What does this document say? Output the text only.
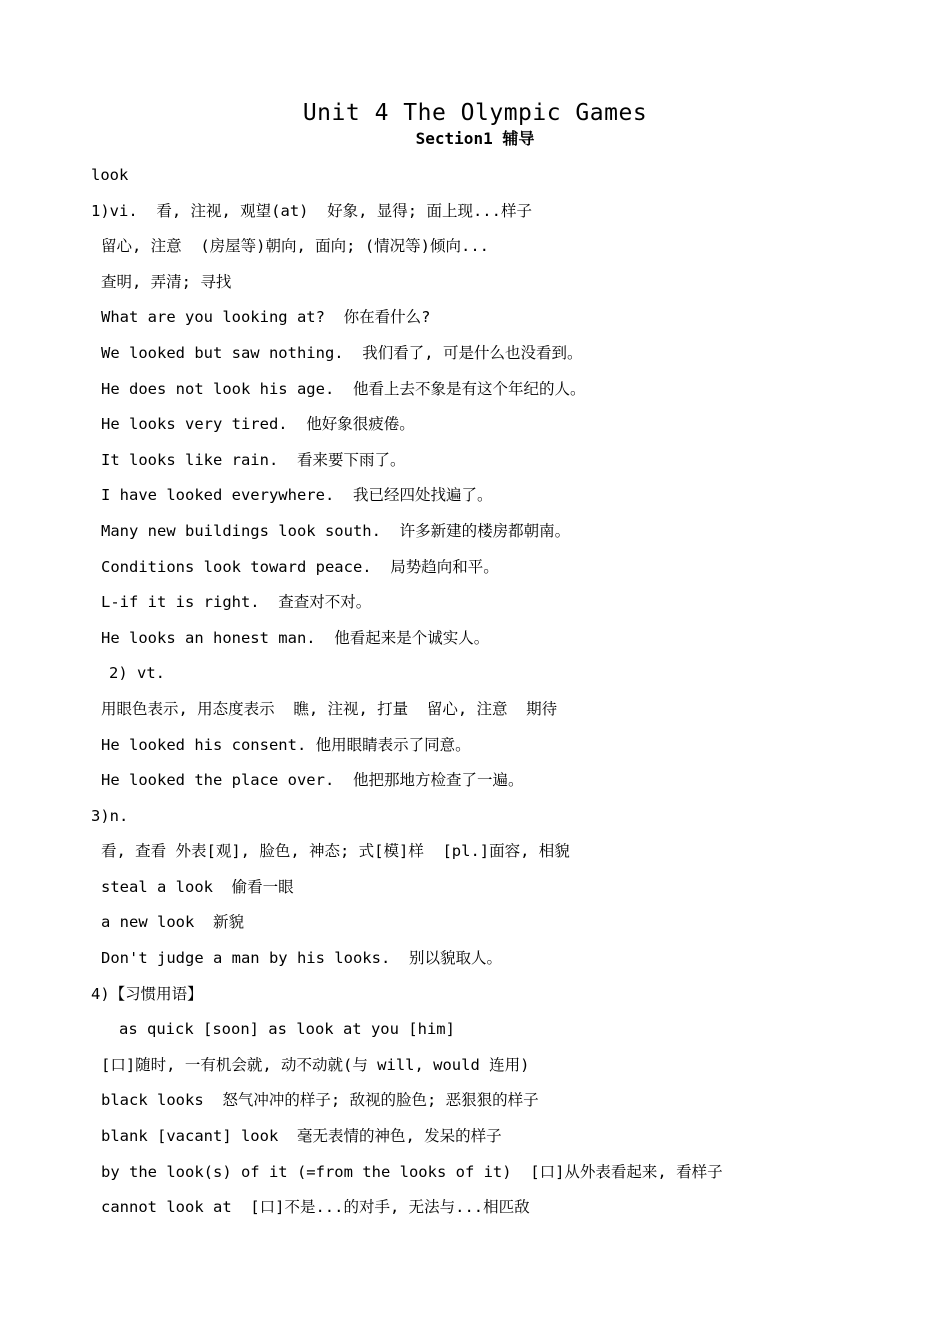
Unit 4 The Olympic Games
Section1 辅导
look
1)vi.  看, 注视, 观望(at)  好象, 显得; 面上现...样子
留心, 注意  (房屋等)朝向, 面向; (情况等)倾向...
查明, 弄清; 寻找
What are you looking at?  你在看什么?
We looked but saw nothing.  我们看了, 可是什么也没看到。
He does not look his age.  他看上去不象是有这个年纪的人。
He looks very tired.  他好象很疲倦。
It looks like rain.  看来要下雨了。
I have looked everywhere.  我已经四处找遍了。
Many new buildings look south.  许多新建的楼房都朝南。
Conditions look toward peace.  局势趋向和平。
L-if it is right.  查查对不对。
He looks an honest man.  他看起来是个诚实人。
2) vt.
用眼色表示, 用态度表示  瞧, 注视, 打量  留心, 注意  期待
He looked his consent. 他用眼睛表示了同意。
He looked the place over.  他把那地方检查了一遍。
3)n.
看, 查看 外表[观], 脸色, 神态; 式[模]样  [pl.]面容, 相貌
steal a look  偷看一眼
a new look  新貌
Don't judge a man by his looks.  别以貌取人。
4)【习惯用语】
as quick [soon] as look at you [him]
[口]随时, 一有机会就, 动不动就(与 will, would 连用)
black looks  怒气冲冲的样子; 敌视的脸色; 恶狠狠的样子
blank [vacant] look  毫无表情的神色, 发呆的样子
by the look(s) of it (=from the looks of it)  [口]从外表看起来, 看样子
cannot look at  [口]不是...的对手, 无法与...相匹敌
